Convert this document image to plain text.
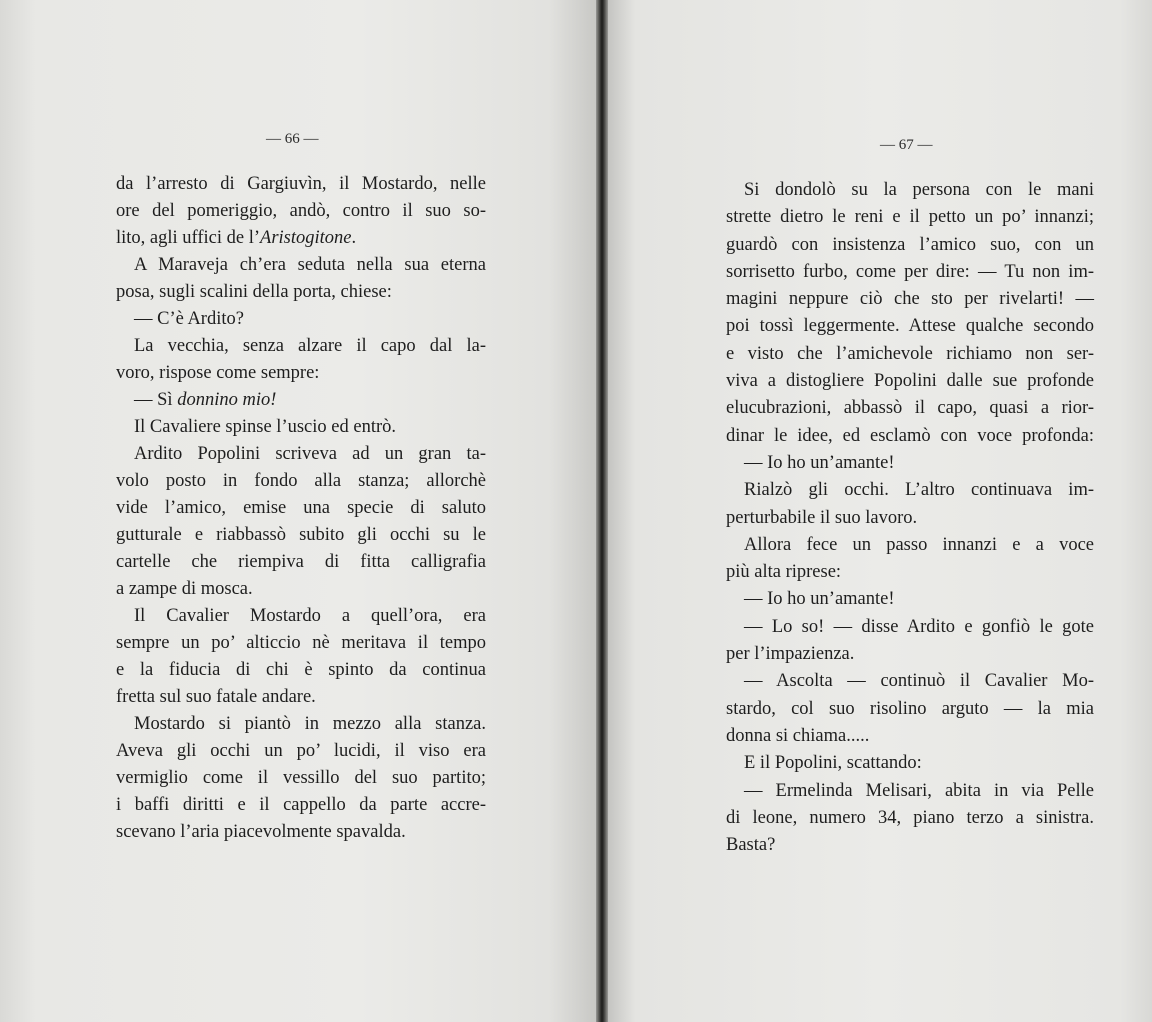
— 66 —	— 67 —
da l’arresto di Gargiuvìn, il Mostardo, nelle
ore del pomeriggio, andò, contro il suo so-
lito, agli uffici de l’Aristogitone.
A Maraveja ch’era seduta nella sua eterna
posa, sugli scalini della porta, chiese:
— C’è Ardito?
La vecchia, senza alzare il capo dal la-
voro, rispose come sempre:
— Sì donnino mio!
Il Cavaliere spinse l’uscio ed entrò.
Ardito Popolini scriveva ad un gran ta-
volo posto in fondo alla stanza; allorchè
vide l’amico, emise una specie di saluto
gutturale e riabbassò subito gli occhi su le
cartelle che riempiva di fitta calligrafia
a zampe di mosca.
Il Cavalier Mostardo a quell’ora, era
sempre un po’ alticcio nè meritava il tempo
e la fiducia di chi è spinto da continua
fretta sul suo fatale andare.
Mostardo si piantò in mezzo alla stanza.
Aveva gli occhi un po’ lucidi, il viso era
vermiglio come il vessillo del suo partito;
i baffi diritti e il cappello da parte accre-
scevano l’aria piacevolmente spavalda.
Si dondolò su la persona con le mani
strette dietro le reni e il petto un po’ innanzi;
guardò con insistenza l’amico suo, con un
sorrisetto furbo, come per dire: — Tu non im-
magini neppure ciò che sto per rivelarti! —
poi tossì leggermente. Attese qualche secondo
e visto che l’amichevole richiamo non ser-
viva a distogliere Popolini dalle sue profonde
elucubrazioni, abbassò il capo, quasi a rior-
dinar le idee, ed esclamò con voce profonda:
— Io ho un’amante!
Rialzò gli occhi. L’altro continuava im-
perturbabile il suo lavoro.
Allora fece un passo innanzi e a voce
più alta riprese:
— Io ho un’amante!
— Lo so! — disse Ardito e gonfiò le gote
per l’impazienza.
— Ascolta — continuò il Cavalier Mo-
stardo, col suo risolino arguto — la mia
donna si chiama.....
E il Popolini, scattando:
— Ermelinda Melisari, abita in via Pelle
di leone, numero 34, piano terzo a sinistra.
Basta?
